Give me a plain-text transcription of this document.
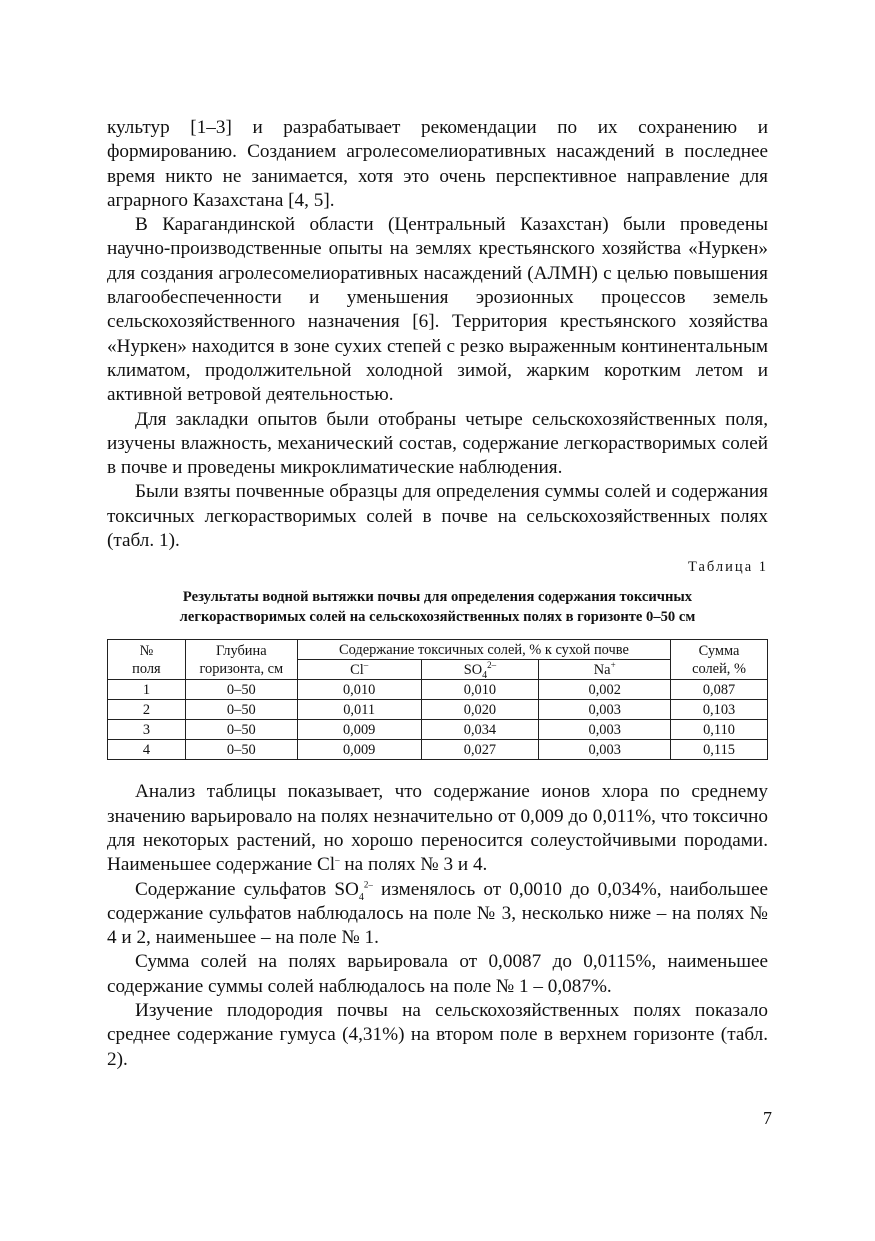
культур [1–3] и разрабатывает рекомендации по их сохранению и формированию. Созданием агролесомелиоративных насаждений в последнее время никто не занимается, хотя это очень перспективное направление для аграрного Казахстана [4, 5].

В Карагандинской области (Центральный Казахстан) были проведены научно-производственные опыты на землях крестьянского хозяйства «Нуркен» для создания агролесомелиоративных насаждений (АЛМН) с целью повышения влагообеспеченности и уменьшения эрозионных процессов земель сельскохозяйственного назначения [6]. Территория крестьянского хозяйства «Нуркен» находится в зоне сухих степей с резко выраженным континентальным климатом, продолжительной холодной зимой, жарким коротким летом и активной ветровой деятельностью.

Для закладки опытов были отобраны четыре сельскохозяйственных поля, изучены влажность, механический состав, содержание легкорастворимых солей в почве и проведены микроклиматические наблюдения.

Были взяты почвенные образцы для определения суммы солей и содержания токсичных легкорастворимых солей в почве на сельскохозяйственных полях (табл. 1).

Таблица 1
Результаты водной вытяжки почвы для определения содержания токсичных
легкорастворимых солей на сельскохозяйственных полях в горизонте 0–50 см
№
поля	Глубина
горизонта, см	Содержание токсичных солей, % к сухой почве			Сумма
солей, %
		Cl–	$SO_4^{2-}$	Na+
1	0–50	0,010	0,010	0,002	0,087
2	0–50	0,011	0,020	0,003	0,103
3	0–50	0,009	0,034	0,003	0,110
4	0–50	0,009	0,027	0,003	0,115

Анализ таблицы показывает, что содержание ионов хлора по среднему значению варьировало на полях незначительно от 0,009 до 0,011%, что токсично для некоторых растений, но хорошо переносится солеустойчивыми породами. Наименьшее содержание Cl– на полях № 3 и 4.

Содержание сульфатов $SO_4^{2-}$ изменялось от 0,0010 до 0,034%, наибольшее содержание сульфатов наблюдалось на поле № 3, несколько ниже – на полях № 4 и 2, наименьшее – на поле № 1.

Сумма солей на полях варьировала от 0,0087 до 0,0115%, наименьшее содержание суммы солей наблюдалось на поле № 1 – 0,087%.

Изучение плодородия почвы на сельскохозяйственных полях показало среднее содержание гумуса (4,31%) на втором поле в верхнем горизонте (табл. 2).

7
